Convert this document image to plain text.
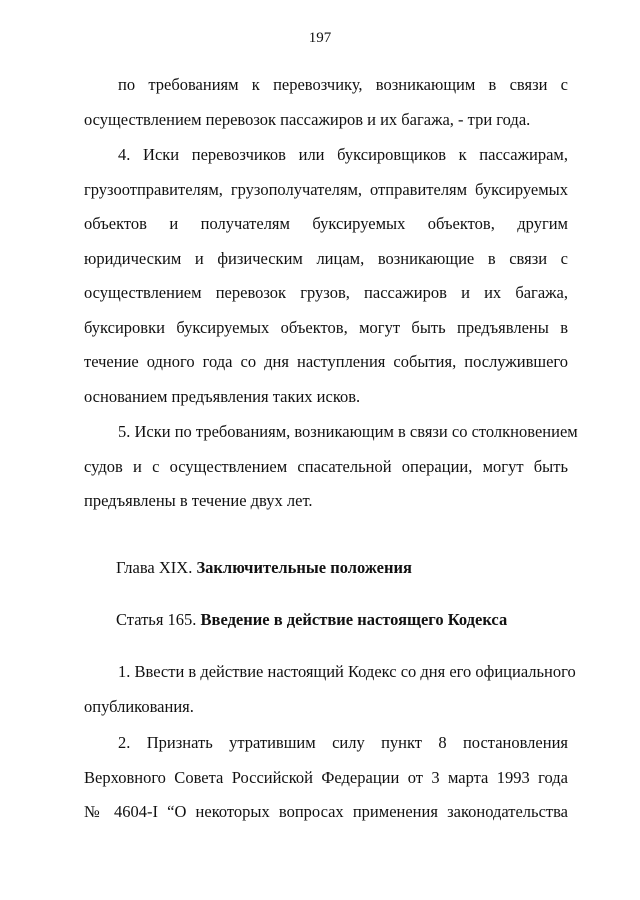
197
по требованиям к перевозчику, возникающим в связи с
осуществлением перевозок пассажиров и их багажа, - три года.
4. Иски перевозчиков или буксировщиков к пассажирам,
грузоотправителям, грузополучателям, отправителям буксируемых
объектов и получателям буксируемых объектов, другим
юридическим и физическим лицам, возникающие в связи с
осуществлением перевозок грузов, пассажиров и их багажа,
буксировки буксируемых объектов, могут быть предъявлены в
течение одного года со дня наступления события, послужившего
основанием предъявления таких исков.
5. Иски по требованиям, возникающим в связи со столкновением
судов и с осуществлением спасательной операции, могут быть
предъявлены в течение двух лет.
Глава XIX. Заключительные положения
Статья 165. Введение в действие настоящего Кодекса
1. Ввести в действие настоящий Кодекс со дня его официального
опубликования.
2. Признать утратившим силу пункт 8 постановления
Верховного Совета Российской Федерации от 3 марта 1993 года
№ 4604-I “О некоторых вопросах применения законодательства
